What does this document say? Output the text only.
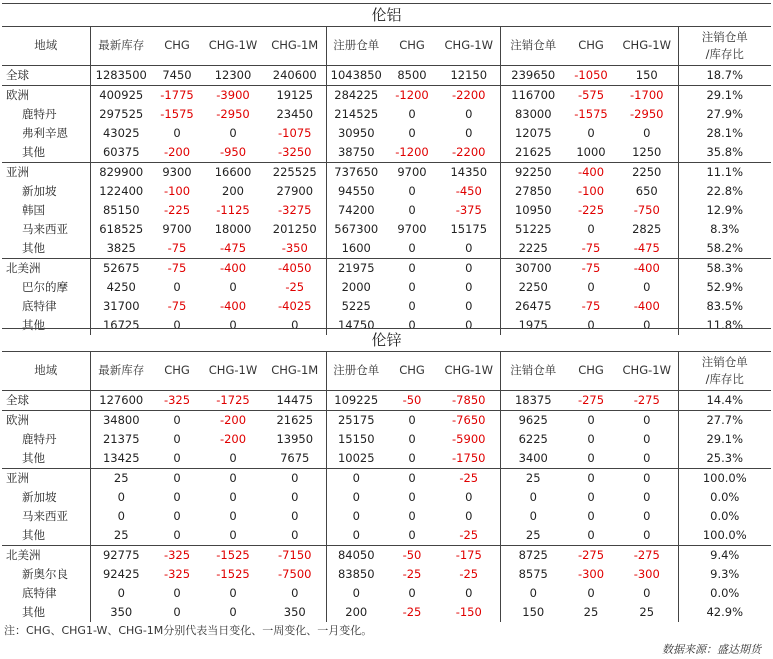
伦铝											
地域	最新库存	CHG	CHG-1W	CHG-1M	注册仓单	CHG	CHG-1W	注销仓单	CHG	CHG-1W	注销仓单
/库存比
全球	1283500	7450	12300	240600	1043850	8500	12150	239650	-1050	150	18.7%
欧洲	400925	-1775	-3900	19125	284225	-1200	-2200	116700	-575	-1700	29.1%
鹿特丹	297525	-1575	-2950	23450	214525	0	0	83000	-1575	-2950	27.9%
弗利辛恩	43025	0	0	-1075	30950	0	0	12075	0	0	28.1%
其他	60375	-200	-950	-3250	38750	-1200	-2200	21625	1000	1250	35.8%
亚洲	829900	9300	16600	225525	737650	9700	14350	92250	-400	2250	11.1%
新加坡	122400	-100	200	27900	94550	0	-450	27850	-100	650	22.8%
韩国	85150	-225	-1125	-3275	74200	0	-375	10950	-225	-750	12.9%
马来西亚	618525	9700	18000	201250	567300	9700	15175	51225	0	2825	8.3%
其他	3825	-75	-475	-350	1600	0	0	2225	-75	-475	58.2%
北美洲	52675	-75	-400	-4050	21975	0	0	30700	-75	-400	58.3%
巴尔的摩	4250	0	0	-25	2000	0	0	2250	0	0	52.9%
底特律	31700	-75	-400	-4025	5225	0	0	26475	-75	-400	83.5%
其他	16725	0	0	0	14750	0	0	1975	0	0	11.8%
伦锌											
地域	最新库存	CHG	CHG-1W	CHG-1M	注册仓单	CHG	CHG-1W	注销仓单	CHG	CHG-1W	注销仓单
/库存比
全球	127600	-325	-1725	14475	109225	-50	-7850	18375	-275	-275	14.4%
欧洲	34800	0	-200	21625	25175	0	-7650	9625	0	0	27.7%
鹿特丹	21375	0	-200	13950	15150	0	-5900	6225	0	0	29.1%
其他	13425	0	0	7675	10025	0	-1750	3400	0	0	25.3%
亚洲	25	0	0	0	0	0	-25	25	0	0	100.0%
新加坡	0	0	0	0	0	0	0	0	0	0	0.0%
马来西亚	0	0	0	0	0	0	0	0	0	0	0.0%
其他	25	0	0	0	0	0	-25	25	0	0	100.0%
北美洲	92775	-325	-1525	-7150	84050	-50	-175	8725	-275	-275	9.4%
新奥尔良	92425	-325	-1525	-7500	83850	-25	-25	8575	-300	-300	9.3%
底特律	0	0	0	0	0	0	0	0	0	0	0.0%
其他	350	0	0	350	200	-25	-150	150	25	25	42.9%
注：CHG、CHG1-W、CHG-1M分别代表当日变化、一周变化、一月变化。
数据来源：盛达期货
